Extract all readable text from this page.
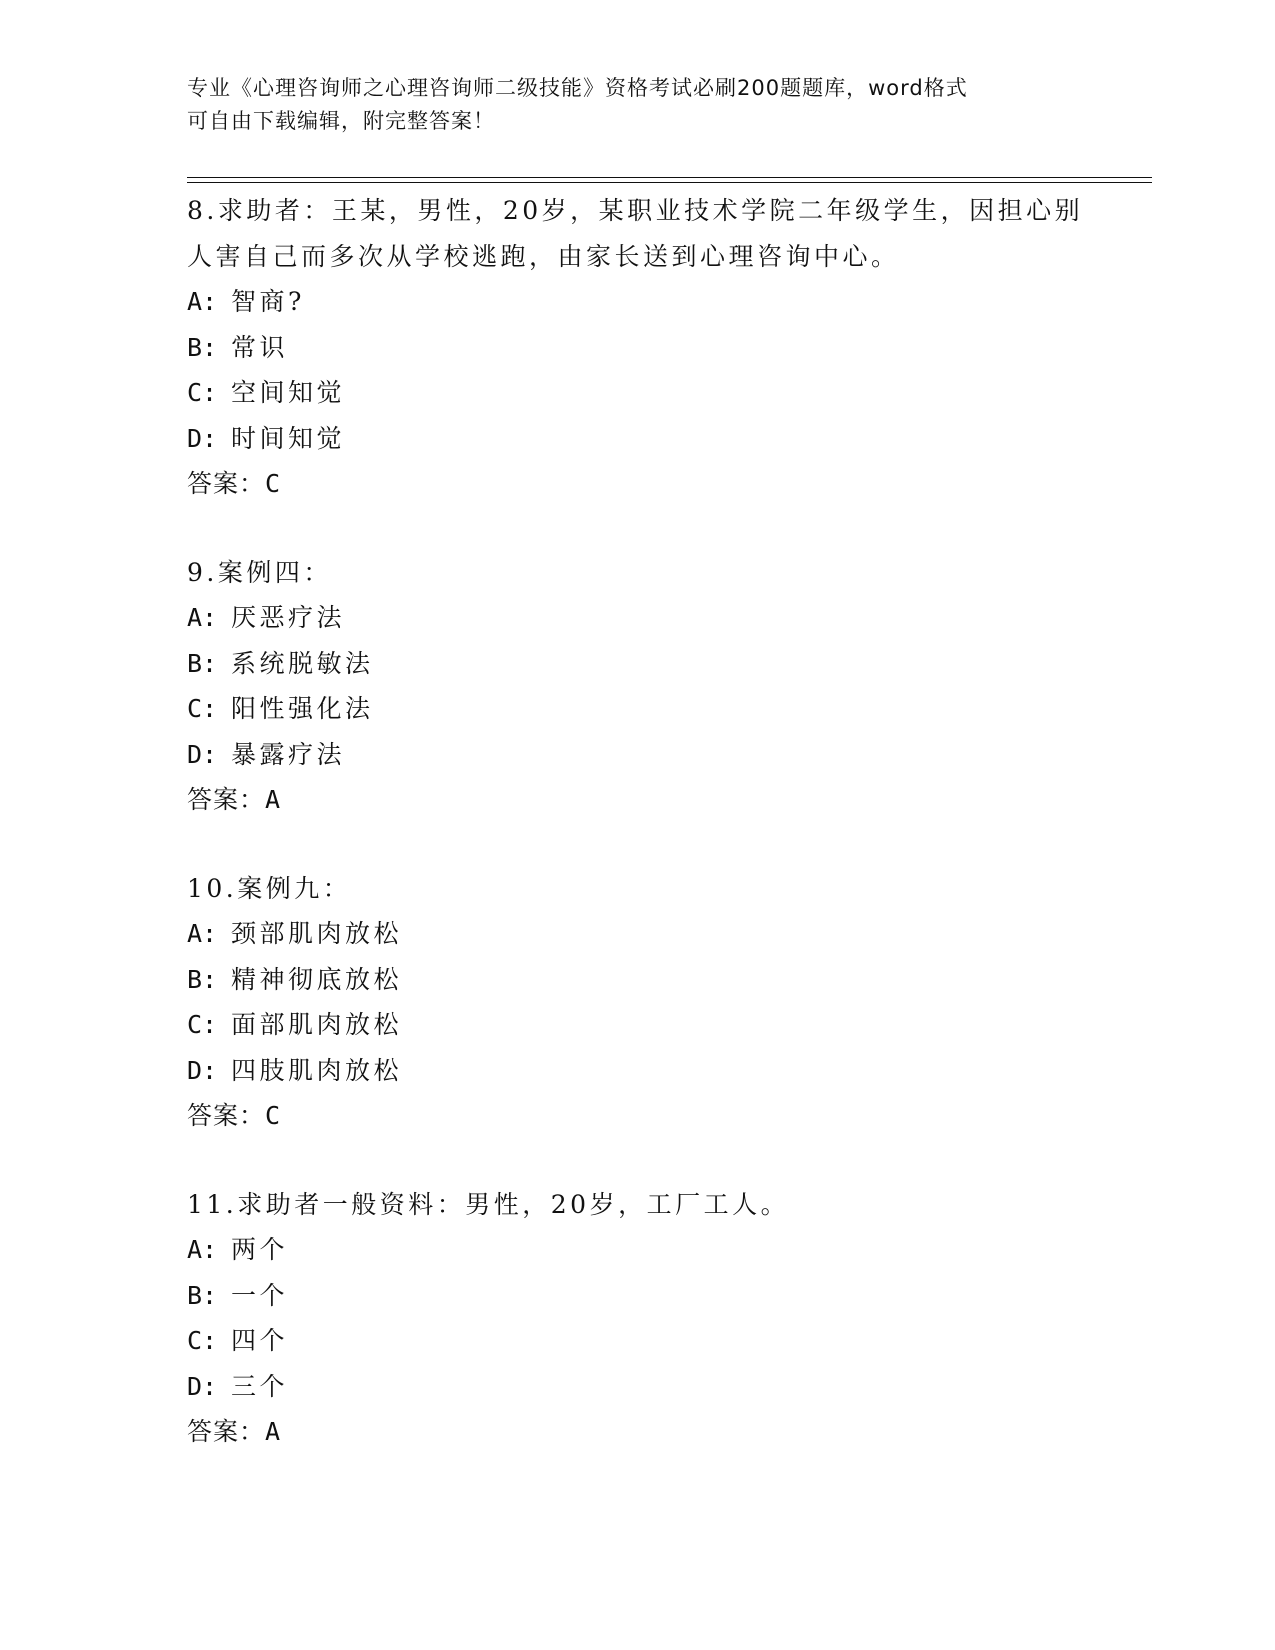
专业《心理咨询师之心理咨询师二级技能》资格考试必刷200题题库，word格式
可自由下载编辑，附完整答案！
8.求助者：王某，男性，20岁，某职业技术学院二年级学生，因担心别人害自己而多次从学校逃跑，由家长送到心理咨询中心。
A: 智商?
B: 常识
C: 空间知觉
D: 时间知觉
答案：C
9.案例四：
A: 厌恶疗法
B: 系统脱敏法
C: 阳性强化法
D: 暴露疗法
答案：A
10.案例九：
A: 颈部肌肉放松
B: 精神彻底放松
C: 面部肌肉放松
D: 四肢肌肉放松
答案：C
11.求助者一般资料：男性，20岁，工厂工人。
A: 两个
B: 一个
C: 四个
D: 三个
答案：A
